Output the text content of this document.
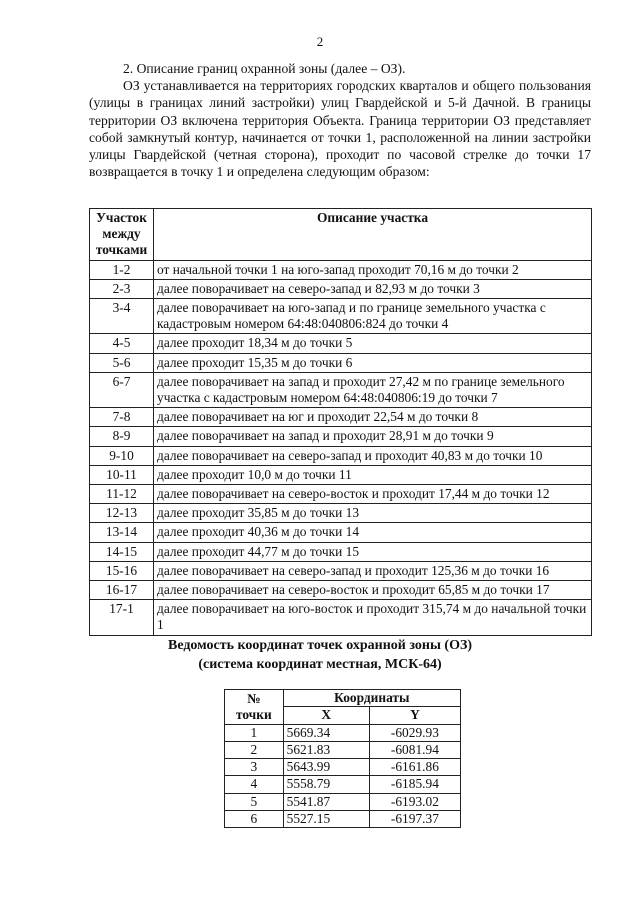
2

2. Описание границ охранной зоны (далее – ОЗ).

ОЗ устанавливается на территориях городских кварталов и общего пользования (улицы в границах линий застройки) улиц Гвардейской и 5-й Дачной. В границы территории ОЗ включена территория Объекта. Граница территории ОЗ представляет собой замкнутый контур, начинается от точки 1, расположенной на линии застройки улицы Гвардейской (четная сторона), проходит по часовой стрелке до точки 17 возвращается в точку 1 и определена следующим образом:

Участок между точками	Описание участка
1-2	от начальной точки 1 на юго-запад проходит 70,16 м до точки 2
2-3	далее поворачивает на северо-запад и 82,93 м до точки 3
3-4	далее поворачивает на юго-запад и по границе земельного участка с кадастровым номером 64:48:040806:824 до точки 4
4-5	далее проходит 18,34 м до точки 5
5-6	далее проходит 15,35 м до точки 6
6-7	далее поворачивает на запад и проходит 27,42 м по границе земельного участка с кадастровым номером 64:48:040806:19 до точки 7
7-8	далее поворачивает на юг и проходит 22,54 м до точки 8
8-9	далее поворачивает на запад и проходит 28,91 м до точки 9
9-10	далее поворачивает на северо-запад и проходит 40,83 м до точки 10
10-11	далее проходит 10,0 м до точки 11
11-12	далее поворачивает на северо-восток и проходит 17,44 м до точки 12
12-13	далее проходит 35,85 м до точки 13
13-14	далее проходит 40,36 м до точки 14
14-15	далее проходит 44,77 м до точки 15
15-16	далее поворачивает на северо-запад и проходит 125,36 м до точки 16
16-17	далее поворачивает на северо-восток и проходит 65,85 м до точки 17
17-1	далее поворачивает на юго-восток и проходит 315,74 м до начальной точки 1
Ведомость координат точек охранной зоны (ОЗ)
(система координат местная, МСК-64)
№ точки	Координаты	
	X	Y
1	5669.34	-6029.93
2	5621.83	-6081.94
3	5643.99	-6161.86
4	5558.79	-6185.94
5	5541.87	-6193.02
6	5527.15	-6197.37
